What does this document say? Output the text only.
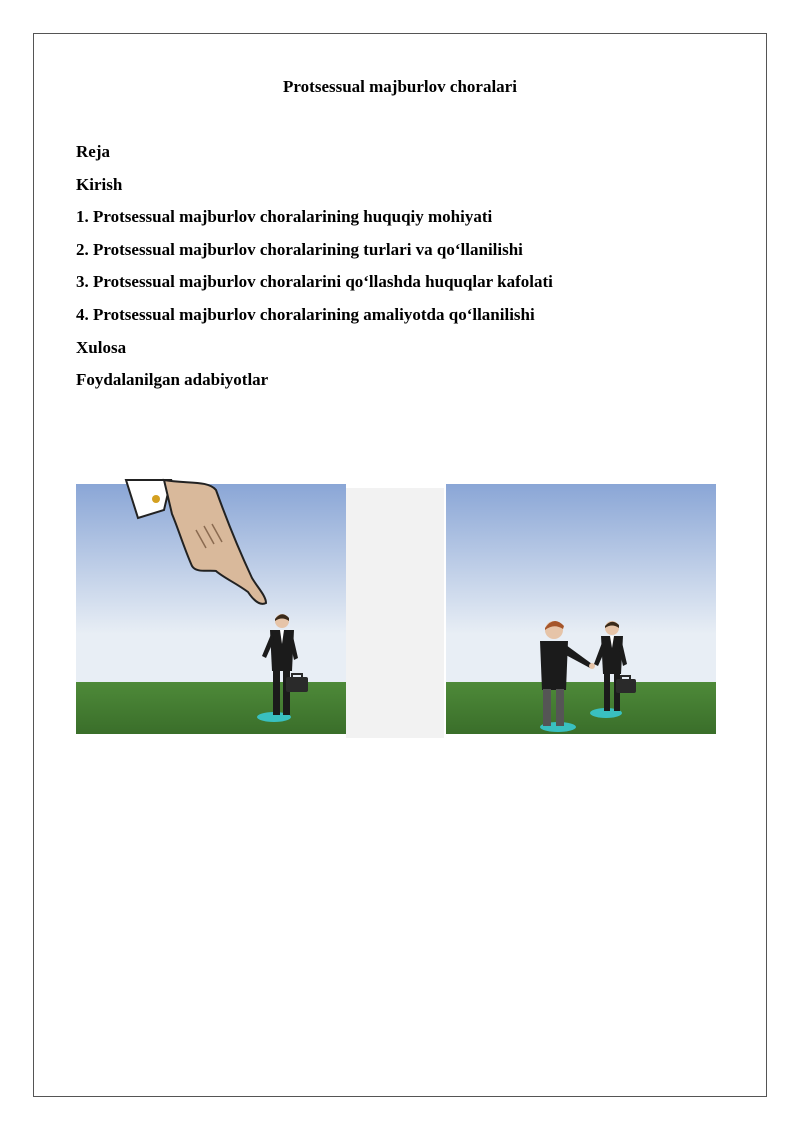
Protsessual majburlov choralari
Reja
Kirish
1. Protsessual majburlov choralarining huquqiy mohiyati
2. Protsessual majburlov choralarining turlari va qo‘llanilishi
3. Protsessual majburlov choralarini qo‘llashda huquqlar kafolati
4. Protsessual majburlov choralarining amaliyotda qo‘llanilishi
Xulosa
Foydalanilgan adabiyotlar
